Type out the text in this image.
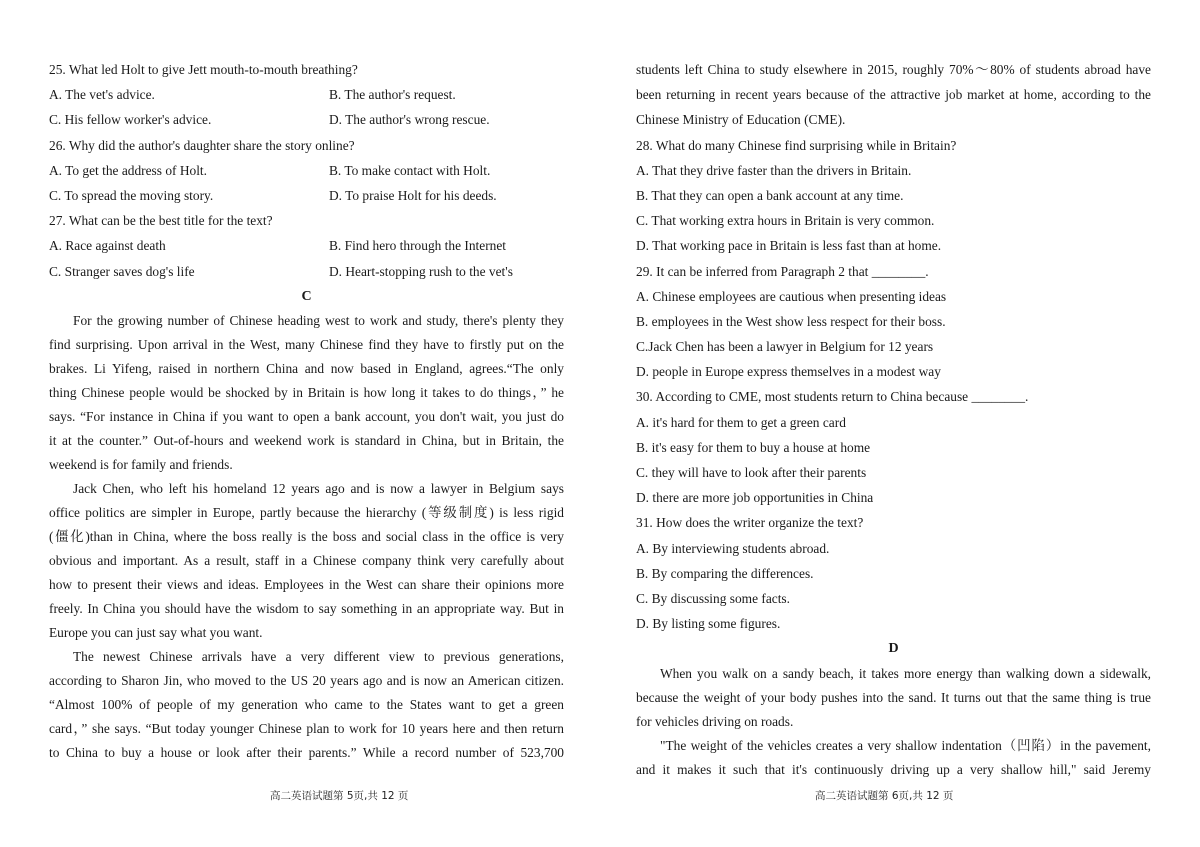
25. What led Holt to give Jett mouth-to-mouth breathing?
A. The vet's advice.	B. The author's request.
C. His fellow worker's advice.	D. The author's wrong rescue.
26. Why did the author's daughter share the story online?
A. To get the address of Holt.	B. To make contact with Holt.
C. To spread the moving story.	D. To praise Holt for his deeds.
27. What can be the best title for the text?
A. Race against death	B. Find hero through the Internet
C. Stranger saves dog's life	D. Heart-stopping rush to the vet's
C
For the growing number of Chinese heading west to work and study, there's plenty they
find surprising. Upon arrival in the West, many Chinese find they have to firstly put on the
brakes. Li Yifeng, raised in northern China and now based in England, agrees.“The only
thing Chinese people would be shocked by in Britain is how long it takes to do things，” he
says. “For instance in China if you want to open a bank account, you don't wait, you just do
it at the counter.” Out-of-hours and weekend work is standard in China, but in Britain, the
weekend is for family and friends.
Jack Chen, who left his homeland 12 years ago and is now a lawyer in Belgium says
office politics are simpler in Europe, partly because the hierarchy (等级制度) is less rigid
(僵化)than in China, where the boss really is the boss and social class in the office is very
obvious and important. As a result, staff in a Chinese company think very carefully about
how to present their views and ideas. Employees in the West can share their opinions more
freely. In China you should have the wisdom to say something in an appropriate way. But in
Europe you can just say what you want.
The newest Chinese arrivals have a very different view to previous generations,
according to Sharon Jin, who moved to the US 20 years ago and is now an American citizen.
“Almost 100% of people of my generation who came to the States want to get a green
card，” she says. “But today younger Chinese plan to work for 10 years here and then return
to China to buy a house or look after their parents.” While a record number of 523,700
students left China to study elsewhere in 2015, roughly 70%～80% of students abroad have
been returning in recent years because of the attractive job market at home, according to the
Chinese Ministry of Education (CME).
28. What do many Chinese find surprising while in Britain?
A. That they drive faster than the drivers in Britain.
B. That they can open a bank account at any time.
C. That working extra hours in Britain is very common.
D. That working pace in Britain is less fast than at home.
29. It can be inferred from Paragraph 2 that ________.
A. Chinese employees are cautious when presenting ideas
B. employees in the West show less respect for their boss.
C.Jack Chen has been a lawyer in Belgium for 12 years
D. people in Europe express themselves in a modest way
30. According to CME, most students return to China because ________.
A. it's hard for them to get a green card
B. it's easy for them to buy a house at home
C. they will have to look after their parents
D. there are more job opportunities in China
31. How does the writer organize the text?
A. By interviewing students abroad.
B. By comparing the differences.
C. By discussing some facts.
D. By listing some figures.
D
When you walk on a sandy beach, it takes more energy than walking down a sidewalk,
because the weight of your body pushes into the sand. It turns out that the same thing is true
for vehicles driving on roads.
"The weight of the vehicles creates a very shallow indentation（凹陷）in the pavement,
and it makes it such that it's continuously driving up a very shallow hill," said Jeremy
高二英语试题第 5页,共 12 页	高二英语试题第 6页,共 12 页
